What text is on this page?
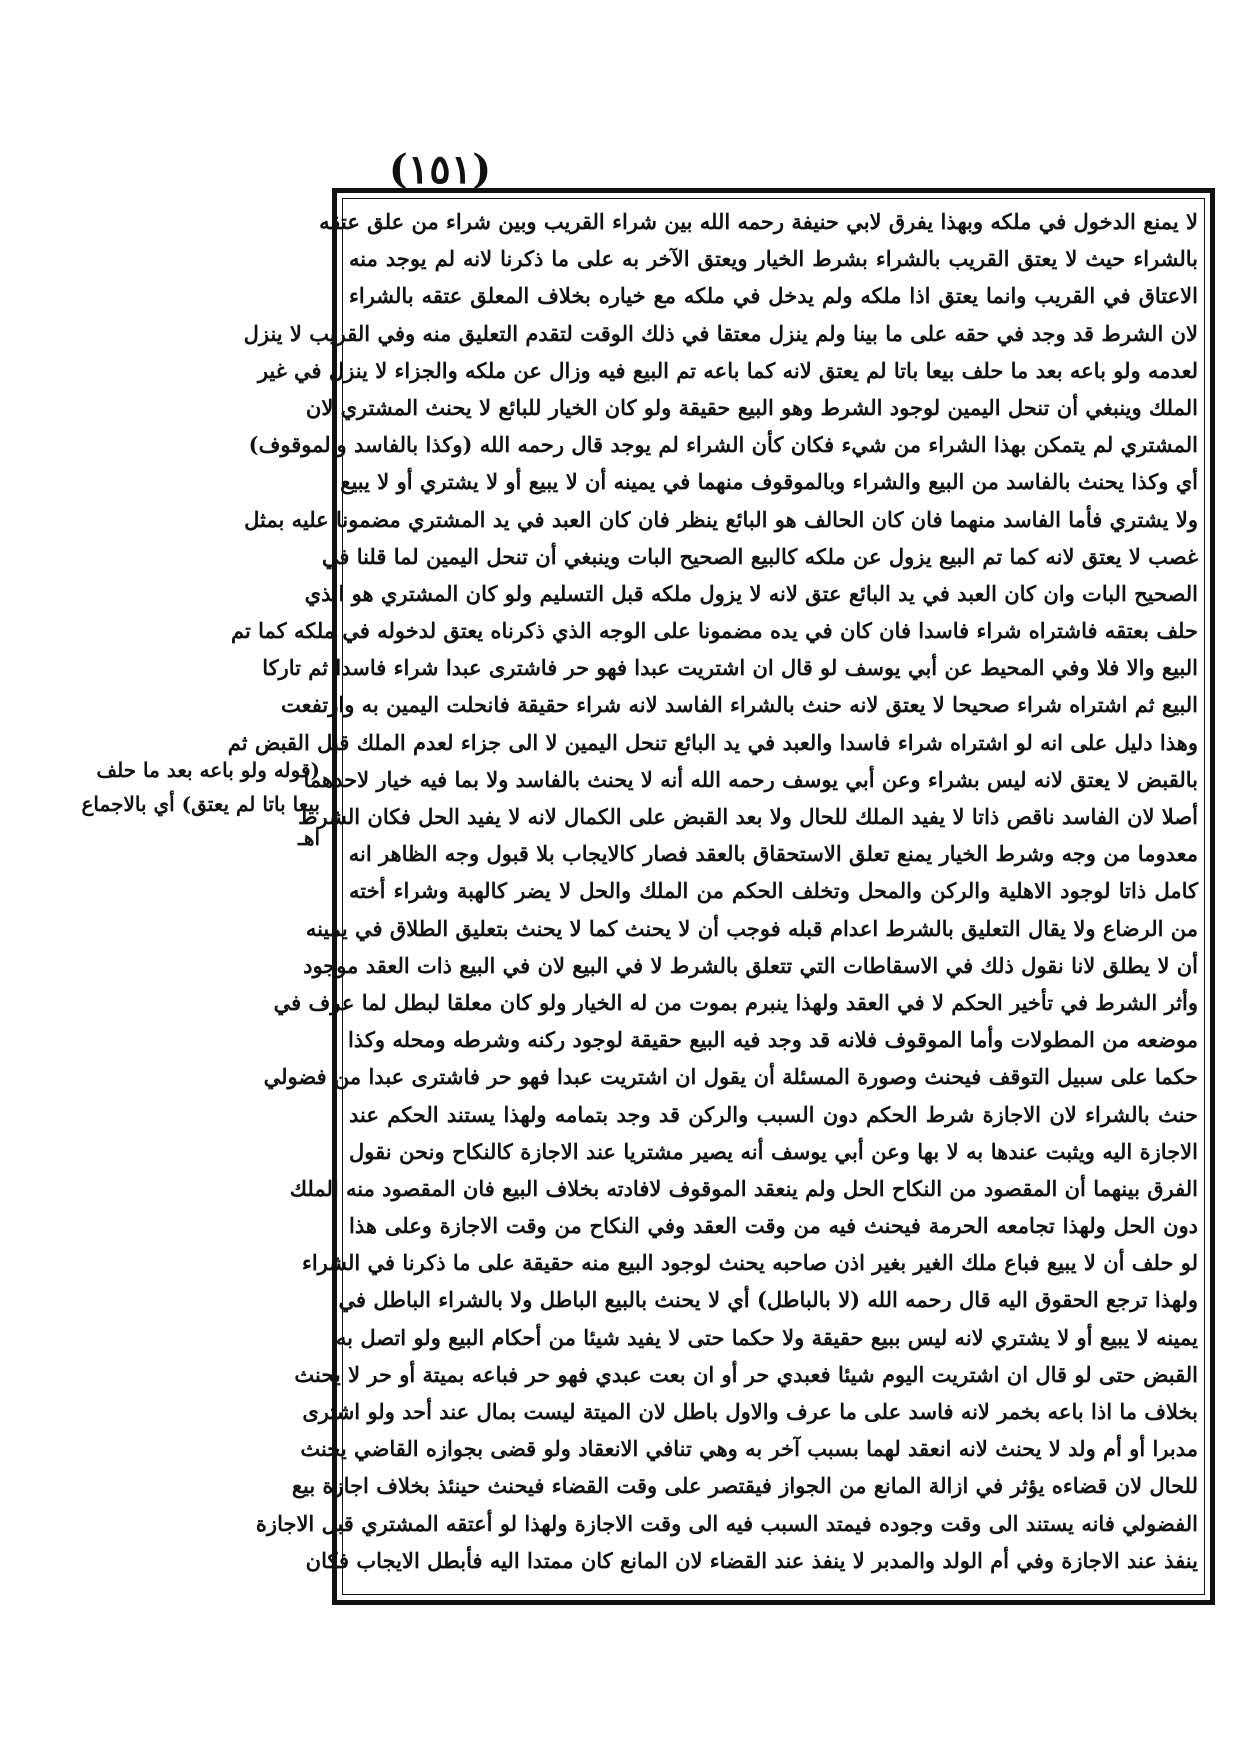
(١٥١)
(قوله ولو باعه بعد ما حلف
بيعا باتا لم يعتق) أي بالاجماع
اهـ
لا يمنع الدخول في ملكه وبهذا يفرق لابي حنيفة رحمه الله بين شراء القريب وبين شراء من علق عتقه
بالشراء حيث لا يعتق القريب بالشراء بشرط الخيار ويعتق الآخر به على ما ذكرنا لانه لم يوجد منه
الاعتاق في القريب وانما يعتق اذا ملكه ولم يدخل في ملكه مع خياره بخلاف المعلق عتقه بالشراء
لان الشرط قد وجد في حقه على ما بينا ولم ينزل معتقا في ذلك الوقت لتقدم التعليق منه وفي القريب لا ينزل
لعدمه ولو باعه بعد ما حلف بيعا باتا لم يعتق لانه كما باعه تم البيع فيه وزال عن ملكه والجزاء لا ينزل في غير
الملك وينبغي أن تنحل اليمين لوجود الشرط وهو البيع حقيقة ولو كان الخيار للبائع لا يحنث المشتري لان
المشتري لم يتمكن بهذا الشراء من شيء فكان كأن الشراء لم يوجد قال رحمه الله (وكذا بالفاسد والموقوف)
أي وكذا يحنث بالفاسد من البيع والشراء وبالموقوف منهما في يمينه أن لا يبيع أو لا يشتري أو لا يبيع
ولا يشتري فأما الفاسد منهما فان كان الحالف هو البائع ينظر فان كان العبد في يد المشتري مضمونا عليه بمثل
غصب لا يعتق لانه كما تم البيع يزول عن ملكه كالبيع الصحيح البات وينبغي أن تنحل اليمين لما قلنا في
الصحيح البات وان كان العبد في يد البائع عتق لانه لا يزول ملكه قبل التسليم ولو كان المشتري هو الذي
حلف بعتقه فاشتراه شراء فاسدا فان كان في يده مضمونا على الوجه الذي ذكرناه يعتق لدخوله في ملكه كما تم
البيع والا فلا وفي المحيط عن أبي يوسف لو قال ان اشتريت عبدا فهو حر فاشترى عبدا شراء فاسدا ثم تاركا
البيع ثم اشتراه شراء صحيحا لا يعتق لانه حنث بالشراء الفاسد لانه شراء حقيقة فانحلت اليمين به وارتفعت
وهذا دليل على انه لو اشتراه شراء فاسدا والعبد في يد البائع تنحل اليمين لا الى جزاء لعدم الملك قبل القبض ثم
بالقبض لا يعتق لانه ليس بشراء وعن أبي يوسف رحمه الله أنه لا يحنث بالفاسد ولا بما فيه خيار لاحدهما
أصلا لان الفاسد ناقص ذاتا لا يفيد الملك للحال ولا بعد القبض على الكمال لانه لا يفيد الحل فكان الشرط
معدوما من وجه وشرط الخيار يمنع تعلق الاستحقاق بالعقد فصار كالايجاب بلا قبول وجه الظاهر انه
كامل ذاتا لوجود الاهلية والركن والمحل وتخلف الحكم من الملك والحل لا يضر كالهبة وشراء أخته
من الرضاع ولا يقال التعليق بالشرط اعدام قبله فوجب أن لا يحنث كما لا يحنث بتعليق الطلاق في يمينه
أن لا يطلق لانا نقول ذلك في الاسقاطات التي تتعلق بالشرط لا في البيع لان في البيع ذات العقد موجود
وأثر الشرط في تأخير الحكم لا في العقد ولهذا ينبرم بموت من له الخيار ولو كان معلقا لبطل لما عرف في
موضعه من المطولات وأما الموقوف فلانه قد وجد فيه البيع حقيقة لوجود ركنه وشرطه ومحله وكذا
حكما على سبيل التوقف فيحنث وصورة المسئلة أن يقول ان اشتريت عبدا فهو حر فاشترى عبدا من فضولي
حنث بالشراء لان الاجازة شرط الحكم دون السبب والركن قد وجد بتمامه ولهذا يستند الحكم عند
الاجازة اليه ويثبت عندها به لا بها وعن أبي يوسف أنه يصير مشتريا عند الاجازة كالنكاح ونحن نقول
الفرق بينهما أن المقصود من النكاح الحل ولم ينعقد الموقوف لافادته بخلاف البيع فان المقصود منه الملك
دون الحل ولهذا تجامعه الحرمة فيحنث فيه من وقت العقد وفي النكاح من وقت الاجازة وعلى هذا
لو حلف أن لا يبيع فباع ملك الغير بغير اذن صاحبه يحنث لوجود البيع منه حقيقة على ما ذكرنا في الشراء
ولهذا ترجع الحقوق اليه قال رحمه الله (لا بالباطل) أي لا يحنث بالبيع الباطل ولا بالشراء الباطل في
يمينه لا يبيع أو لا يشتري لانه ليس ببيع حقيقة ولا حكما حتى لا يفيد شيئا من أحكام البيع ولو اتصل به
القبض حتى لو قال ان اشتريت اليوم شيئا فعبدي حر أو ان بعت عبدي فهو حر فباعه بميتة أو حر لا يحنث
بخلاف ما اذا باعه بخمر لانه فاسد على ما عرف والاول باطل لان الميتة ليست بمال عند أحد ولو اشترى
مدبرا أو أم ولد لا يحنث لانه انعقد لهما بسبب آخر به وهي تنافي الانعقاد ولو قضى بجوازه القاضي يحنث
للحال لان قضاءه يؤثر في ازالة المانع من الجواز فيقتصر على وقت القضاء فيحنث حينئذ بخلاف اجازة بيع
الفضولي فانه يستند الى وقت وجوده فيمتد السبب فيه الى وقت الاجازة ولهذا لو أعتقه المشتري قبل الاجازة
ينفذ عند الاجازة وفي أم الولد والمدبر لا ينفذ عند القضاء لان المانع كان ممتدا اليه فأبطل الايجاب فكان
